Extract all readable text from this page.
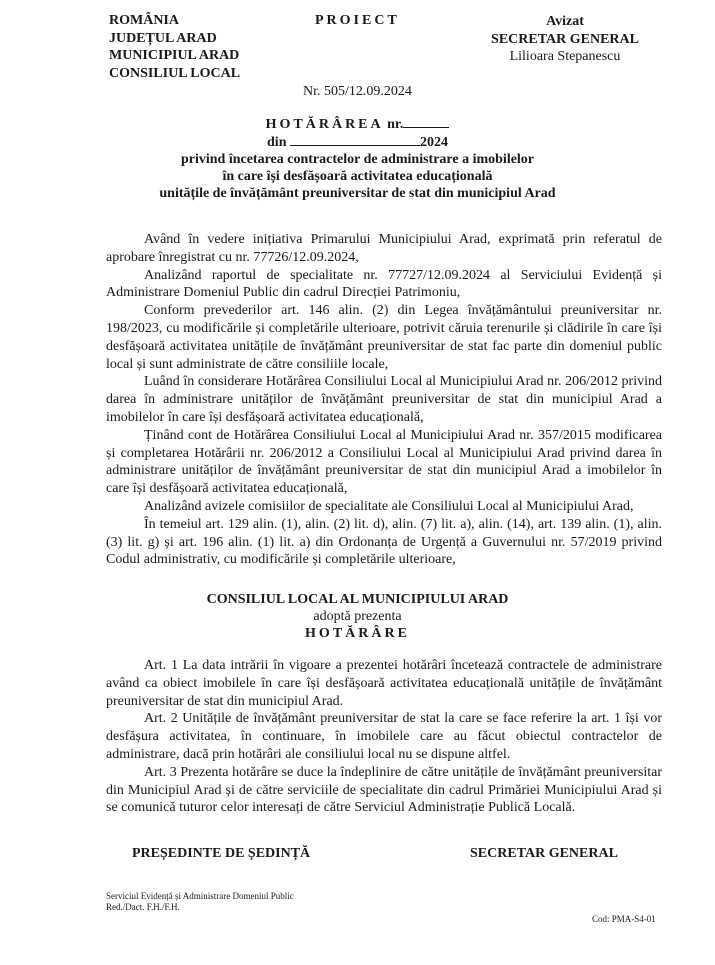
ROMÂNIA
JUDEȚUL ARAD
MUNICIPIUL ARAD
CONSILIUL LOCAL
PROIECT	Avizat
SECRETAR GENERAL
Lilioara Stepanescu
Nr. 505/12.09.2024
HOTĂRÂREA nr.
din	2024
privind încetarea contractelor de administrare a imobilelor
în care își desfășoară activitatea educațională
unitățile de învățământ preuniversitar de stat din municipiul Arad

Având în vedere inițiativa Primarului Municipiului Arad, exprimată prin referatul de aprobare înregistrat cu nr. 77726/12.09.2024,

Analizând raportul de specialitate nr. 77727/12.09.2024 al Serviciului Evidență și Administrare Domeniul Public din cadrul Direcției Patrimoniu,

Conform prevederilor art. 146 alin. (2) din Legea învățământului preuniversitar nr. 198/2023, cu modificările și completările ulterioare, potrivit căruia terenurile și clădirile în care își desfășoară activitatea unitățile de învățământ preuniversitar de stat fac parte din domeniul public local și sunt administrate de către consiliile locale,

Luând în considerare Hotărârea Consiliului Local al Municipiului Arad nr. 206/2012 privind darea în administrare unităților de învățământ preuniversitar de stat din municipiul Arad a imobilelor în care își desfășoară activitatea educațională,

Ținând cont de Hotărârea Consiliului Local al Municipiului Arad nr. 357/2015 modificarea și completarea Hotărârii nr. 206/2012 a Consiliului Local al Municipiului Arad privind darea în administrare unităților de învățământ preuniversitar de stat din municipiul Arad a imobilelor în care își desfășoară activitatea educațională,

Analizând avizele comisiilor de specialitate ale Consiliului Local al Municipiului Arad,

În temeiul art. 129 alin. (1), alin. (2) lit. d), alin. (7) lit. a), alin. (14), art. 139 alin. (1), alin. (3) lit. g) și art. 196 alin. (1) lit. a) din Ordonanța de Urgență a Guvernului nr. 57/2019 privind Codul administrativ, cu modificările și completările ulterioare,

CONSILIUL LOCAL AL MUNICIPIULUI ARAD
adoptă prezenta
HOTĂRÂRE

Art. 1 La data intrării în vigoare a prezentei hotărâri încetează contractele de administrare având ca obiect imobilele în care își desfășoară activitatea educațională unitățile de învățământ preuniversitar de stat din municipiul Arad.

Art. 2 Unitățile de învățământ preuniversitar de stat la care se face referire la art. 1 își vor desfășura activitatea, în continuare, în imobilele care au făcut obiectul contractelor de administrare, dacă prin hotărâri ale consiliului local nu se dispune altfel.

Art. 3 Prezenta hotărâre se duce la îndeplinire de către unitățile de învățământ preuniversitar din Municipiul Arad și de către serviciile de specialitate din cadrul Primăriei Municipiului Arad și se comunică tuturor celor interesați de către Serviciul Administrație Publică Locală.

PREȘEDINTE DE ȘEDINȚĂ	SECRETAR GENERAL
Serviciul Evidență și Administrare Domeniul Public
Red./Dact. F.H./F.H.
Cod: PMA-S4-01
